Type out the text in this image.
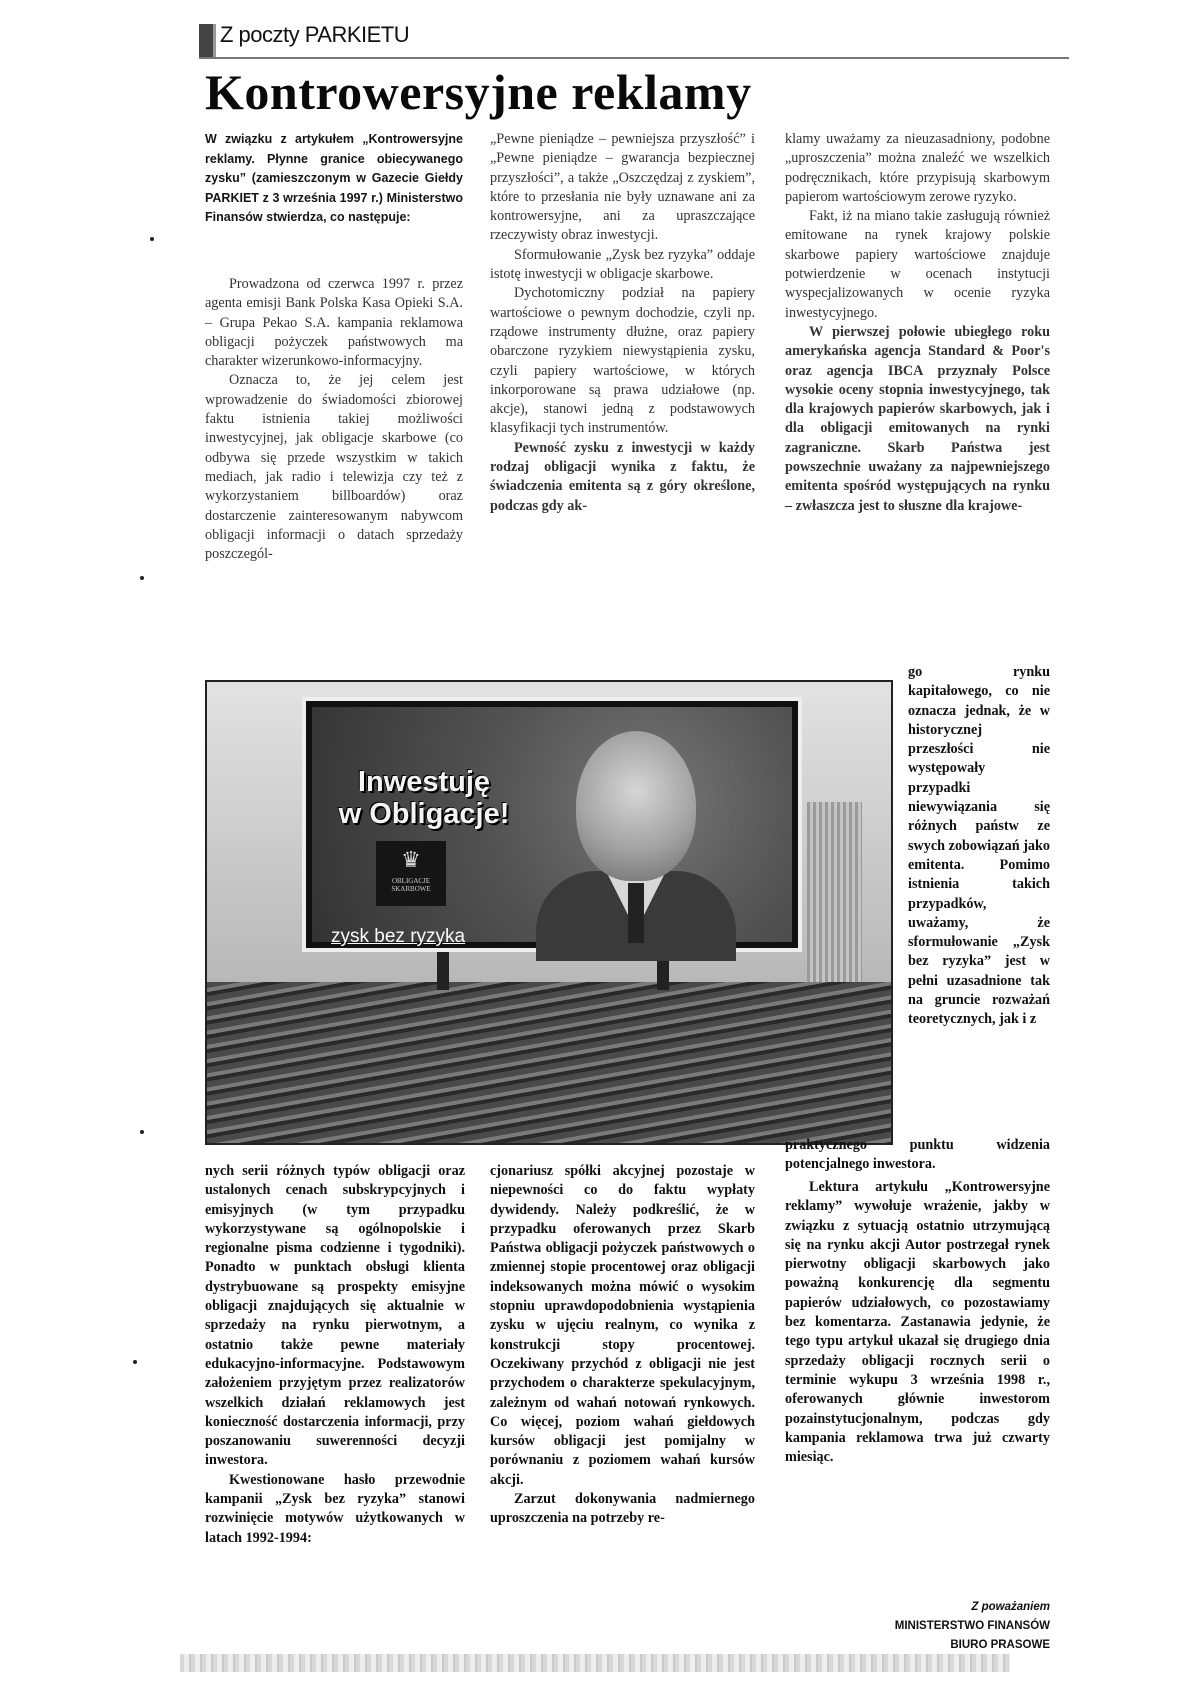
Z poczty PARKIETU
Kontrowersyjne reklamy

W związku z artykułem „Kontrowersyjne reklamy. Płynne granice obiecywanego zysku” (zamieszczonym w Gazecie Giełdy PARKIET z 3 września 1997 r.) Ministerstwo Finansów stwierdza, co następuje:

Prowadzona od czerwca 1997 r. przez agenta emisji Bank Polska Kasa Opieki S.A. – Grupa Pekao S.A. kampania reklamowa obligacji pożyczek państwowych ma charakter wizerunkowo-informacyjny.

Oznacza to, że jej celem jest wprowadzenie do świadomości zbiorowej faktu istnienia takiej możliwości inwestycyjnej, jak obligacje skarbowe (co odbywa się przede wszystkim w takich mediach, jak radio i telewizja czy też z wykorzystaniem billboardów) oraz dostarczenie zainteresowanym nabywcom obligacji informacji o datach sprzedaży poszczegól-

„Pewne pieniądze – pewniejsza przyszłość” i „Pewne pieniądze – gwarancja bezpiecznej przyszłości”, a także „Oszczędzaj z zyskiem”, które to przesłania nie były uznawane ani za kontrowersyjne, ani za upraszczające rzeczywisty obraz inwestycji.

Sformułowanie „Zysk bez ryzyka” oddaje istotę inwestycji w obligacje skarbowe.

Dychotomiczny podział na papiery wartościowe o pewnym dochodzie, czyli np. rządowe instrumenty dłużne, oraz papiery obarczone ryzykiem niewystąpienia zysku, czyli papiery wartościowe, w których inkorporowane są prawa udziałowe (np. akcje), stanowi jedną z podstawowych klasyfikacji tych instrumentów.

Pewność zysku z inwestycji w każdy rodzaj obligacji wynika z faktu, że świadczenia emitenta są z góry określone, podczas gdy ak-

klamy uważamy za nieuzasadniony, podobne „uproszczenia” można znaleźć we wszelkich podręcznikach, które przypisują skarbowym papierom wartościowym zerowe ryzyko.

Fakt, iż na miano takie zasługują również emitowane na rynek krajowy polskie skarbowe papiery wartościowe znajduje potwierdzenie w ocenach instytucji wyspecjalizowanych w ocenie ryzyka inwestycyjnego.

W pierwszej połowie ubiegłego roku amerykańska agencja Standard & Poor's oraz agencja IBCA przyznały Polsce wysokie oceny stopnia inwestycyjnego, tak dla krajowych papierów skarbowych, jak i dla obligacji emitowanych na rynki zagraniczne. Skarb Państwa jest powszechnie uważany za najpewniejszego emitenta spośród występujących na rynku – zwłaszcza jest to słuszne dla krajowe-

go rynku kapitałowego, co nie oznacza jednak, że w historycznej przeszłości nie występowały przypadki niewywiązania się różnych państw ze swych zobowiązań jako emitenta. Pomimo istnienia takich przypadków, uważamy, że sformułowanie „Zysk bez ryzyka” jest w pełni uzasadnione tak na gruncie rozważań teoretycznych, jak i z

Inwestuję
w Obligacje!
♛
OBLIGACJE SKARBOWE
zysk bez ryzyka

praktycznego punktu widzenia potencjalnego inwestora.

nych serii różnych typów obligacji oraz ustalonych cenach subskrypcyjnych i emisyjnych (w tym przypadku wykorzystywane są ogólnopolskie i regionalne pisma codzienne i tygodniki). Ponadto w punktach obsługi klienta dystrybuowane są prospekty emisyjne obligacji znajdujących się aktualnie w sprzedaży na rynku pierwotnym, a ostatnio także pewne materiały edukacyjno-informacyjne. Podstawowym założeniem przyjętym przez realizatorów wszelkich działań reklamowych jest konieczność dostarczenia informacji, przy poszanowaniu suwerenności decyzji inwestora.

Kwestionowane hasło przewodnie kampanii „Zysk bez ryzyka” stanowi rozwinięcie motywów użytkowanych w latach 1992-1994:

cjonariusz spółki akcyjnej pozostaje w niepewności co do faktu wypłaty dywidendy. Należy podkreślić, że w przypadku oferowanych przez Skarb Państwa obligacji pożyczek państwowych o zmiennej stopie procentowej oraz obligacji indeksowanych można mówić o wysokim stopniu uprawdopodobnienia wystąpienia zysku w ujęciu realnym, co wynika z konstrukcji stopy procentowej. Oczekiwany przychód z obligacji nie jest przychodem o charakterze spekulacyjnym, zależnym od wahań notowań rynkowych. Co więcej, poziom wahań giełdowych kursów obligacji jest pomijalny w porównaniu z poziomem wahań kursów akcji.

Zarzut dokonywania nadmiernego uproszczenia na potrzeby re-

Lektura artykułu „Kontrowersyjne reklamy” wywołuje wrażenie, jakby w związku z sytuacją ostatnio utrzymującą się na rynku akcji Autor postrzegał rynek pierwotny obligacji skarbowych jako poważną konkurencję dla segmentu papierów udziałowych, co pozostawiamy bez komentarza. Zastanawia jedynie, że tego typu artykuł ukazał się drugiego dnia sprzedaży obligacji rocznych serii o terminie wykupu 3 września 1998 r., oferowanych głównie inwestorom pozainstytucjonalnym, podczas gdy kampania reklamowa trwa już czwarty miesiąc.

Z poważaniem
MINISTERSTWO FINANSÓW
BIURO PRASOWE
